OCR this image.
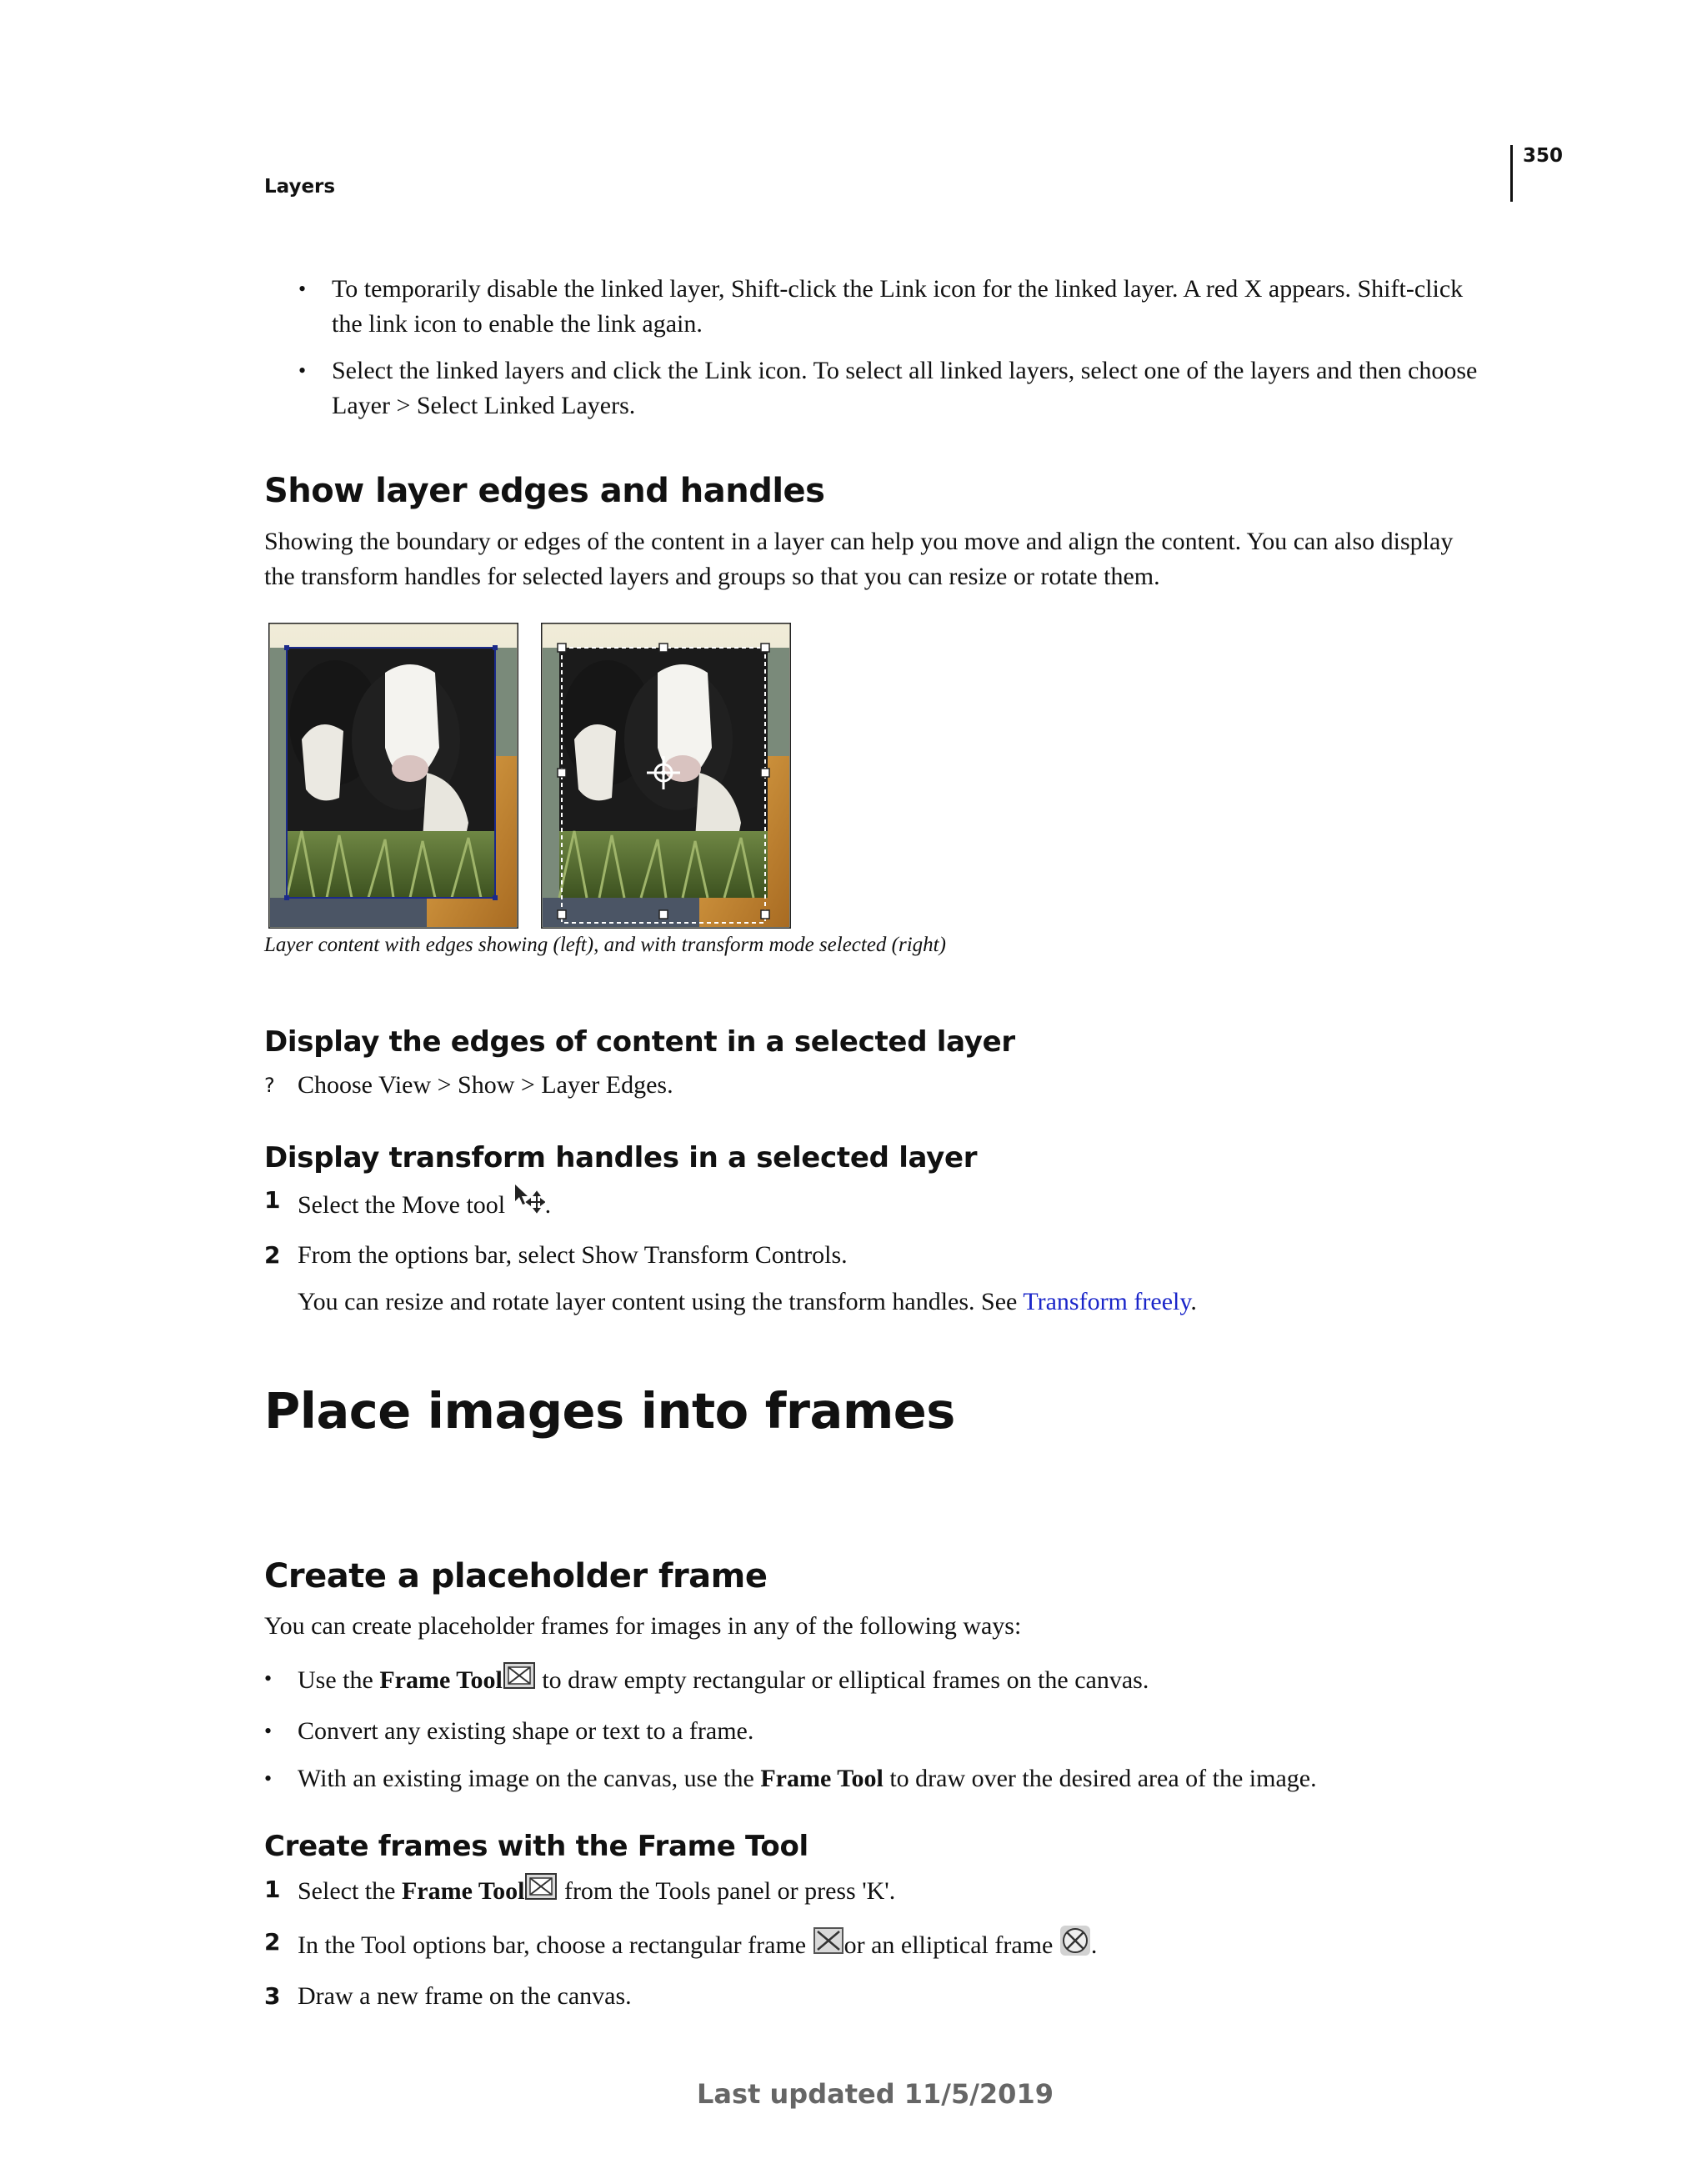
350
Layers
•	To temporarily disable the linked layer, Shift-click the Link icon for the linked layer. A red X appears. Shift-click
the link icon to enable the link again.
•	Select the linked layers and click the Link icon. To select all linked layers, select one of the layers and then choose
Layer > Select Linked Layers.
Show layer edges and handles
Showing the boundary or edges of the content in a layer can help you move and align the content. You can also display
the transform handles for selected layers and groups so that you can resize or rotate them.
Layer content with edges showing (left), and with transform mode selected (right)
Display the edges of content in a selected layer
? Choose View > Show > Layer Edges.
Display transform handles in a selected layer
1 Select the Move tool .
2 From the options bar, select Show Transform Controls.
You can resize and rotate layer content using the transform handles. See Transform freely.
Place images into frames
Create a placeholder frame
You can create placeholder frames for images in any of the following ways:
•	Use the Frame Tool to draw empty rectangular or elliptical frames on the canvas.
•	Convert any existing shape or text to a frame.
•	With an existing image on the canvas, use the Frame Tool to draw over the desired area of the image.
Create frames with the Frame Tool
1 Select the Frame Tool from the Tools panel or press 'K'.
2 In the Tool options bar, choose a rectangular frame or an elliptical frame .
3 Draw a new frame on the canvas.
Last updated 11/5/2019
